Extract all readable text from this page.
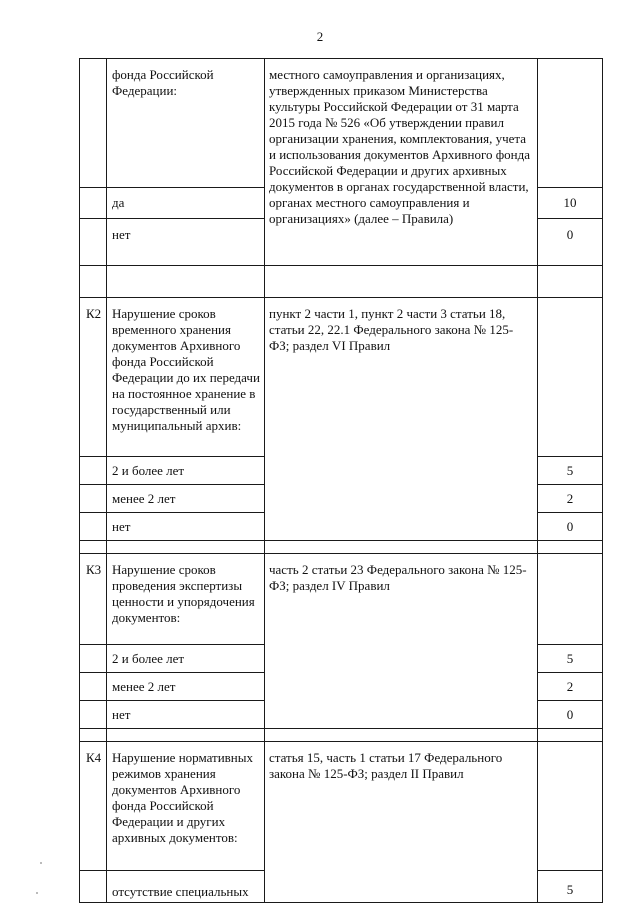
2
	фонда Российской Федерации:	местного самоуправления и организациях, утвержденных приказом Министерства культуры Российской Федерации от 31 марта 2015 года № 526 «Об утверждении правил организации хранения, комплектования, учета и использования документов Архивного фонда Российской Федерации и других архивных документов в органах государственной власти, органах местного самоуправления и организациях» (далее – Правила)	
	да		10
	нет		0

К2	Нарушение сроков временного хранения документов Архивного фонда Российской Федерации до их передачи на постоянное хранение в государственный или муниципальный архив:	пункт 2 части 1, пункт 2 части 3 статьи 18, статьи 22, 22.1 Федерального закона № 125-ФЗ; раздел VI Правил	
	2 и более лет		5
	менее 2 лет		2
	нет		0

К3	Нарушение сроков проведения экспертизы ценности и упорядочения документов:	часть 2 статьи 23 Федерального закона № 125-ФЗ; раздел IV Правил	
	2 и более лет		5
	менее 2 лет		2
	нет		0

К4	Нарушение нормативных режимов хранения документов Архивного фонда Российской Федерации и других архивных документов:	статья 15, часть 1 статьи 17 Федерального закона № 125-ФЗ; раздел II Правил	
	отсутствие специальных		5
